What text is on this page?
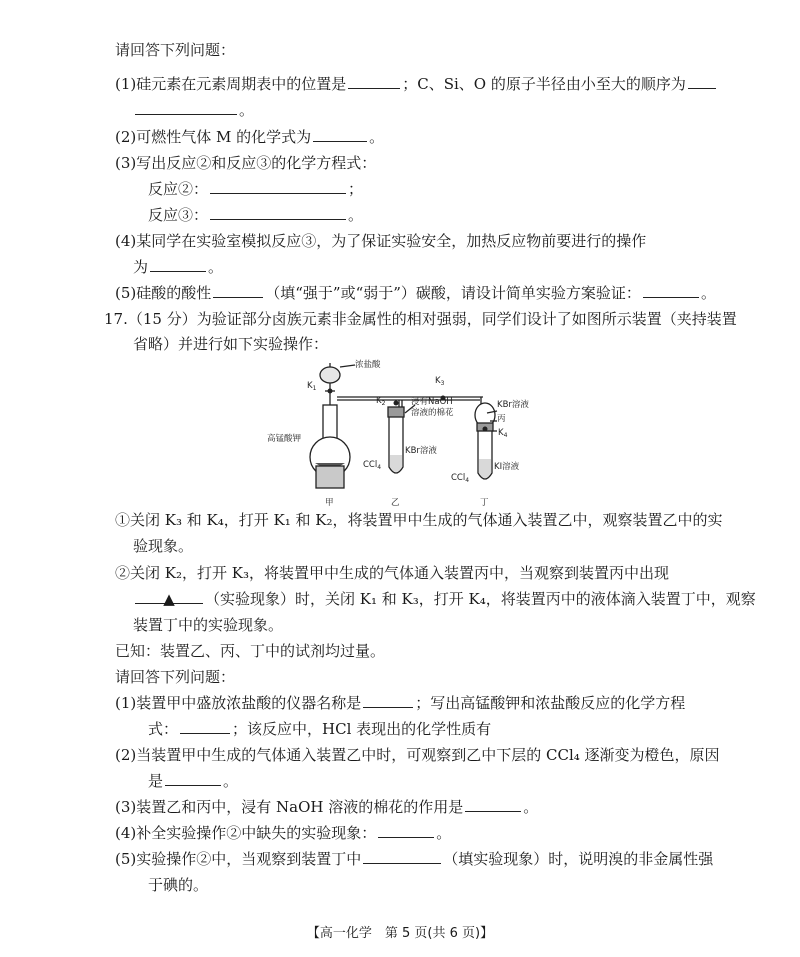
请回答下列问题：
(1)硅元素在元素周期表中的位置是	；C、Si、O 的原子半径由小至大的顺序为
。
(2)可燃性气体 M 的化学式为	。
(3)写出反应②和反应③的化学方程式：
反应②：	；
反应③：	。
(4)某同学在实验室模拟反应③，为了保证实验安全，加热反应物前要进行的操作
为	。
(5)硅酸的酸性	（填“强于”或“弱于”）碳酸，请设计简单实验方案验证：	。
17.（15 分）为验证部分卤族元素非金属性的相对强弱，同学们设计了如图所示装置（夹持装置
省略）并进行如下实验操作：
浓盐酸
$K_1$
$K_2$
$K_3$
$K_4$
浸有NaOH
溶液的棉花
KBr溶液
丙
高锰酸钾
KBr溶液
CCl$_4$
CCl$_4$
KI溶液
甲	乙	丁
①关闭 K₃ 和 K₄，打开 K₁ 和 K₂，将装置甲中生成的气体通入装置乙中，观察装置乙中的实
验现象。
②关闭 K₂，打开 K₃，将装置甲中生成的气体通入装置丙中，当观察到装置丙中出现
▲ （实验现象）时，关闭 K₁ 和 K₃，打开 K₄，将装置丙中的液体滴入装置丁中，观察
装置丁中的实验现象。
已知：装置乙、丙、丁中的试剂均过量。
请回答下列问题：
(1)装置甲中盛放浓盐酸的仪器名称是	；写出高锰酸钾和浓盐酸反应的化学方程
式：	；该反应中，HCl 表现出的化学性质有
(2)当装置甲中生成的气体通入装置乙中时，可观察到乙中下层的 CCl₄ 逐渐变为橙色，原因
是	。
(3)装置乙和丙中，浸有 NaOH 溶液的棉花的作用是	。
(4)补全实验操作②中缺失的实验现象：	。
(5)实验操作②中，当观察到装置丁中	（填实验现象）时，说明溴的非金属性强
于碘的。
【高一化学　第 5 页(共 6 页)】
